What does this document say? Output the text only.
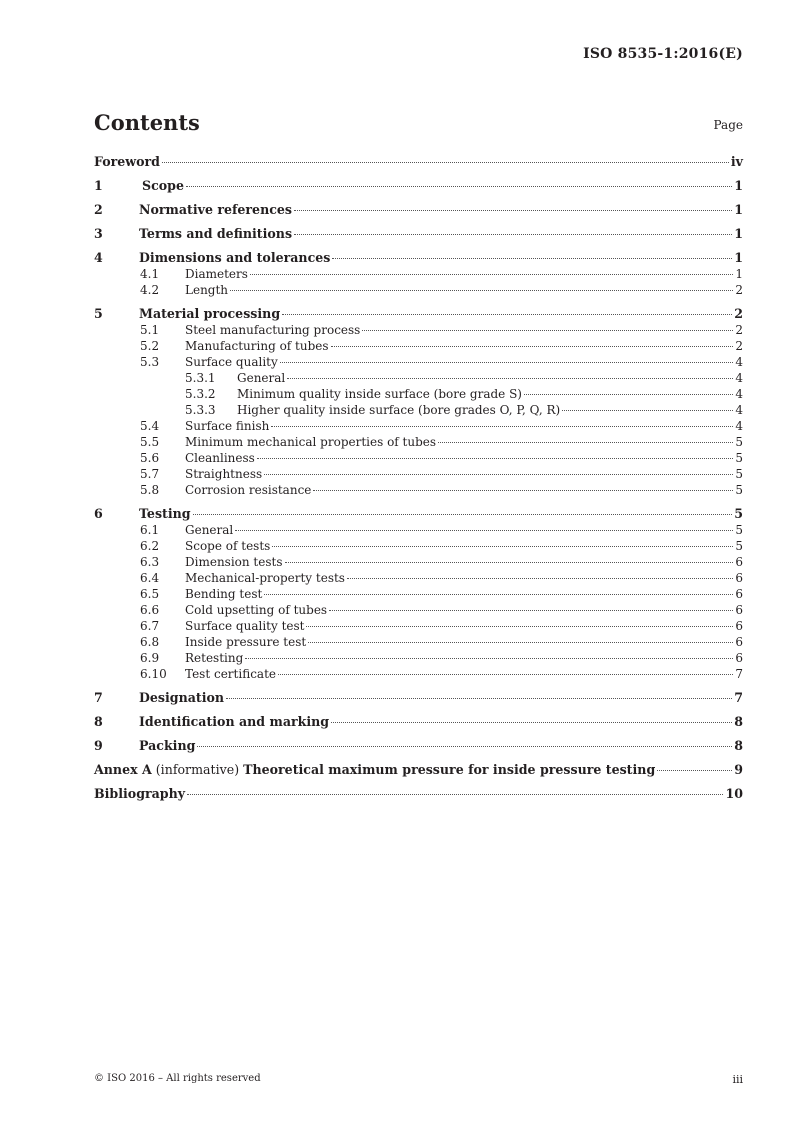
ISO 8535-1:2016(E)
Contents	Page
Foreword	iv
1	Scope	1
2	Normative references	1
3	Terms and definitions	1
4	Dimensions and tolerances	1
4.1	Diameters	1
4.2	Length	2
5	Material processing	2
5.1	Steel manufacturing process	2
5.2	Manufacturing of tubes	2
5.3	Surface quality	4
5.3.1	General	4
5.3.2	Minimum quality inside surface (bore grade S)	4
5.3.3	Higher quality inside surface (bore grades O, P, Q, R)	4
5.4	Surface finish	4
5.5	Minimum mechanical properties of tubes	5
5.6	Cleanliness	5
5.7	Straightness	5
5.8	Corrosion resistance	5
6	Testing	5
6.1	General	5
6.2	Scope of tests	5
6.3	Dimension tests	6
6.4	Mechanical-property tests	6
6.5	Bending test	6
6.6	Cold upsetting of tubes	6
6.7	Surface quality test	6
6.8	Inside pressure test	6
6.9	Retesting	6
6.10	Test certificate	7
7	Designation	7
8	Identification and marking	8
9	Packing	8
Annex A (informative) Theoretical maximum pressure for inside pressure testing	9
Bibliography	10
© ISO 2016 – All rights reserved	iii
